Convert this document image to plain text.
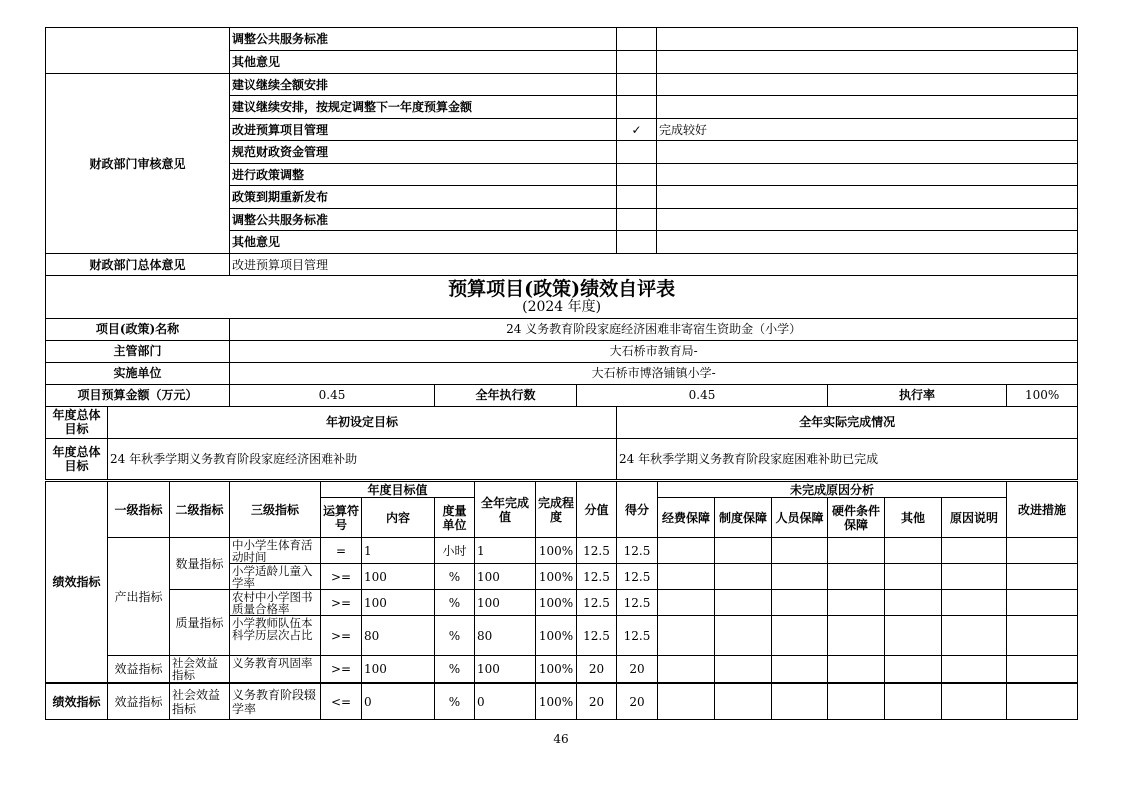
	调整公共服务标准		
	其他意见		
财政部门审核意见	建议继续全额安排		
	建议继续安排，按规定调整下一年度预算金额		
	改进预算项目管理	✓	完成较好
	规范财政资金管理		
	进行政策调整		
	政策到期重新发布		
	调整公共服务标准		
	其他意见		
财政部门总体意见	改进预算项目管理		
预算项目(政策)绩效自评表
(2024 年度)							

项目(政策)名称		24 义务教育阶段家庭经济困难非寄宿生资助金（小学）					
主管部门		大石桥市教育局-					
实施单位		大石桥市博洛铺镇小学-					
项目预算金额（万元）		0.45	全年执行数	0.45		执行率	100%
年度总体目标	年初设定目标				全年实际完成情况		
年度总体目标	24 年秋季学期义务教育阶段家庭经济困难补助				24 年秋季学期义务教育阶段家庭困难补助已完成		

绩效指标	一级指标	二级指标	三级指标	年度目标值			全年完成值	完成程度	分值	得分	未完成原因分析						改进措施
				运算符号	内容	度量单位					经费保障	制度保障	人员保障	硬件条件保障	其他	原因说明	
	产出指标	数量指标	中小学生体育活动时间	=	1	小时	1	100%	12.5	12.5							

			小学适龄儿童入学率	>=	100	%	100	100%	12.5	12.5							
		质量指标	农村中小学图书质量合格率	>=	100	%	100	100%	12.5	12.5							

			小学教师队伍本科学历层次占比	>=	80	%	80	100%	12.5	12.5							
	效益指标	社会效益指标	义务教育巩固率	>=	100	%	100	100%	20	20							
绩效指标	效益指标	社会效益指标	义务教育阶段辍学率	<=	0	%	0	100%	20	20							
46
